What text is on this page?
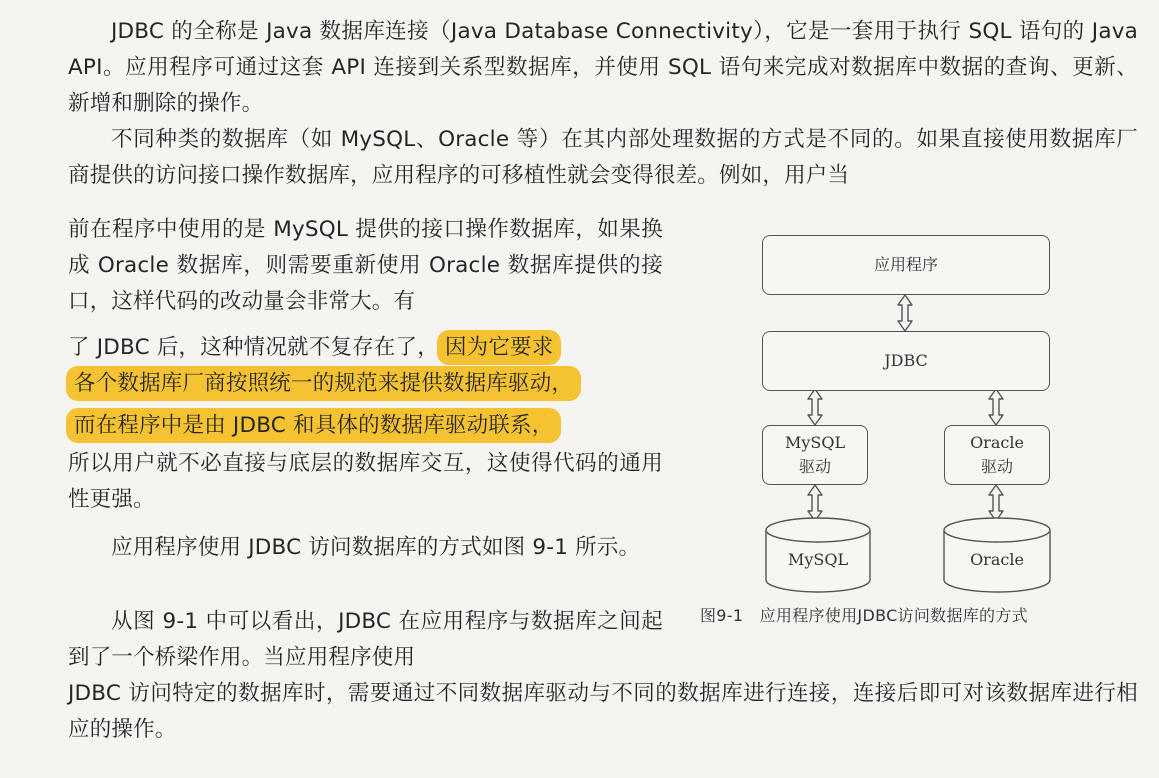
JDBC 的全称是 Java 数据库连接（Java Database Connectivity），它是一套用于执行 SQL 语句的 Java API。应用程序可通过这套 API 连接到关系型数据库，并使用 SQL 语句来完成对数据库中数据的查询、更新、新增和删除的操作。
不同种类的数据库（如 MySQL、Oracle 等）在其内部处理数据的方式是不同的。如果直接使用数据库厂商提供的访问接口操作数据库，应用程序的可移植性就会变得很差。例如，用户当
前在程序中使用的是 MySQL 提供的接口操作数据库，如果换成 Oracle 数据库，则需要重新使用 Oracle 数据库提供的接口，这样代码的改动量会非常大。有
了 JDBC 后，这种情况就不复存在了， 因为它要求
各个数据库厂商按照统一的规范来提供数据库驱动，
而在程序中是由 JDBC 和具体的数据库驱动联系，
所以用户就不必直接与底层的数据库交互，这使得代码的通用性更强。
应用程序使用 JDBC 访问数据库的方式如图 9-1 所示。
从图 9-1 中可以看出，JDBC 在应用程序与数据库之间起到了一个桥梁作用。当应用程序使用
JDBC 访问特定的数据库时，需要通过不同数据库驱动与不同的数据库进行连接，连接后即可对该数据库进行相应的操作。
应用程序
JDBC
MySQL
驱动
Oracle
驱动
MySQL	Oracle
图9-1　应用程序使用JDBC访问数据库的方式
